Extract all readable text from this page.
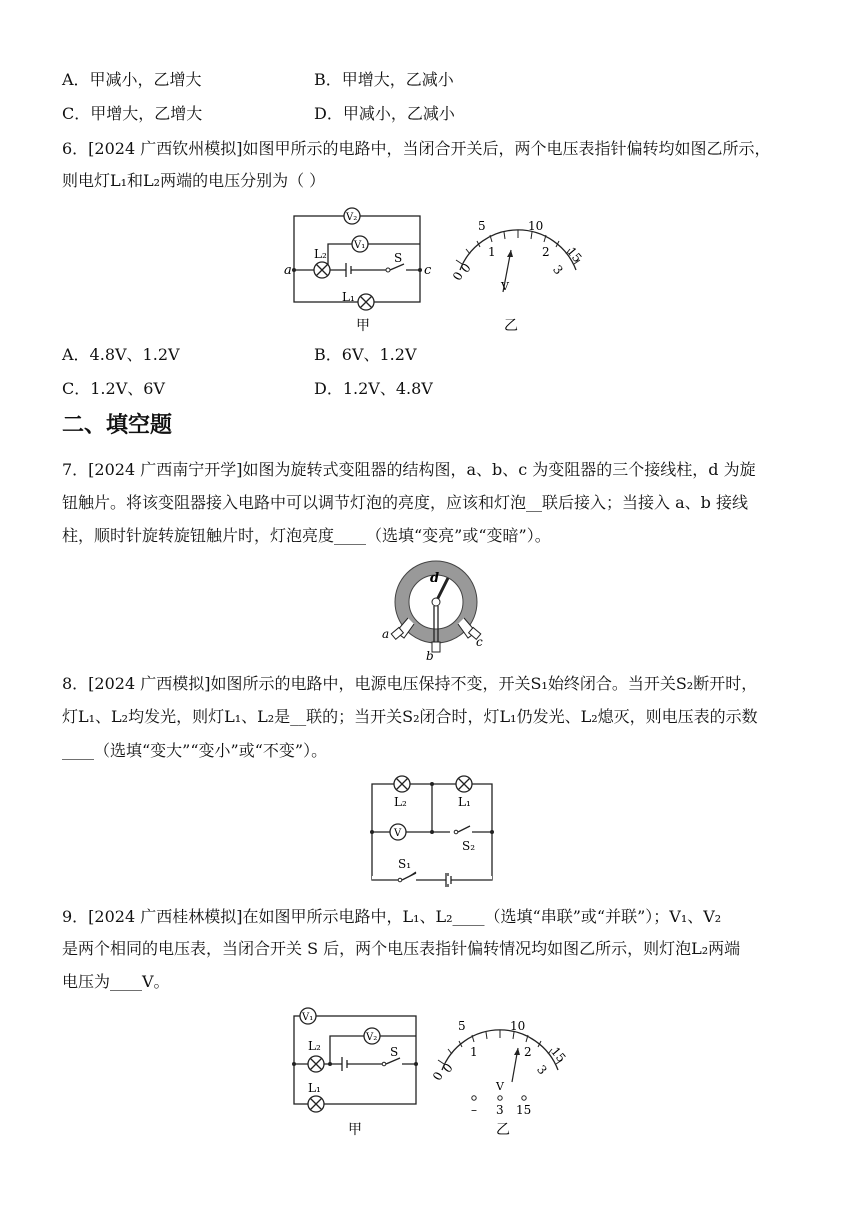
A．甲减小，乙增大	B．甲增大，乙减小
C．甲增大，乙增大	D．甲减小，乙减小
6．[2024 广西钦州模拟]如图甲所示的电路中，当闭合开关后，两个电压表指针偏转均如图乙所示，
则电灯L₁和L₂两端的电压分别为（ ）
a	c
L₂
L₁
V₂
V₁
S
甲
0
5	10
15
0
1	2
3
V
乙
A．4.8V、1.2V	B．6V、1.2V
C．1.2V、6V	D．1.2V、4.8V
二、填空题
7．[2024 广西南宁开学]如图为旋转式变阻器的结构图，a、b、c 为变阻器的三个接线柱，d 为旋
钮触片。将该变阻器接入电路中可以调节灯泡的亮度，应该和灯泡__联后接入；当接入 a、b 接线
柱，顺时针旋转旋钮触片时，灯泡亮度____（选填“变亮”或“变暗”）。
a
b
c
d
8．[2024 广西模拟]如图所示的电路中，电源电压保持不变，开关S₁始终闭合。当开关S₂断开时，
灯L₁、L₂均发光，则灯L₁、L₂是__联的；当开关S₂闭合时，灯L₁仍发光、L₂熄灭，则电压表的示数
____（选填“变大”“变小”或“不变”）。
L₂	L₁
V
S₂
S₁
9．[2024 广西桂林模拟]在如图甲所示电路中，L₁、L₂____（选填“串联”或“并联”）；V₁、V₂
是两个相同的电压表，当闭合开关 S 后，两个电压表指针偏转情况均如图乙所示，则灯泡L₂两端
电压为____V。
V₁
V₂
L₂
L₁
S
甲
0
5	10
15
0
1	2
3
V
– 3 15
乙
